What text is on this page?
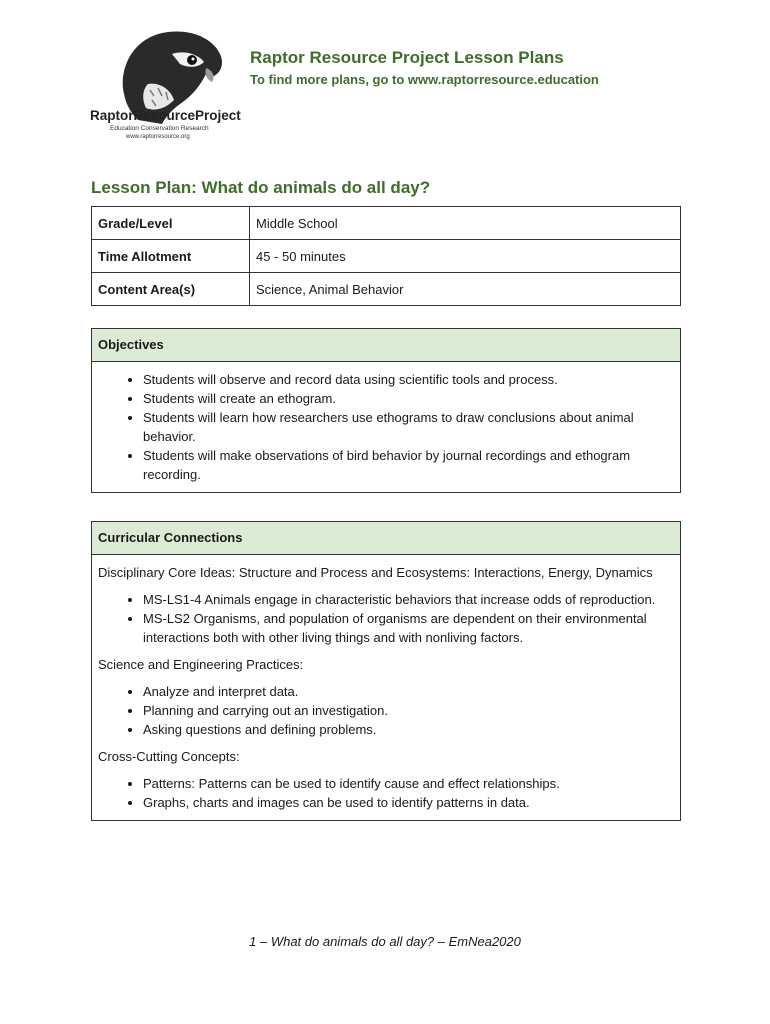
RaptorResourceProject
Education Conservation Research
www.raptorresource.org
Raptor Resource Project Lesson Plans
To find more plans, go to www.raptorresource.education
Lesson Plan: What do animals do all day?
Grade/Level	Middle School
Time Allotment	45 - 50 minutes
Content Area(s)	Science, Animal Behavior
Objectives
• Students will observe and record data using scientific tools and process.
• Students will create an ethogram.
• Students will learn how researchers use ethograms to draw conclusions about animal behavior.
• Students will make observations of bird behavior by journal recordings and ethogram recording.
Curricular Connections

Disciplinary Core Ideas: Structure and Process and Ecosystems: Interactions, Energy, Dynamics

• MS-LS1-4 Animals engage in characteristic behaviors that increase odds of reproduction.
• MS-LS2 Organisms, and population of organisms are dependent on their environmental interactions both with other living things and with nonliving factors.

Science and Engineering Practices:

• Analyze and interpret data.
• Planning and carrying out an investigation.
• Asking questions and defining problems.

Cross-Cutting Concepts:

• Patterns: Patterns can be used to identify cause and effect relationships.
• Graphs, charts and images can be used to identify patterns in data.
1 – What do animals do all day? – EmNea2020
